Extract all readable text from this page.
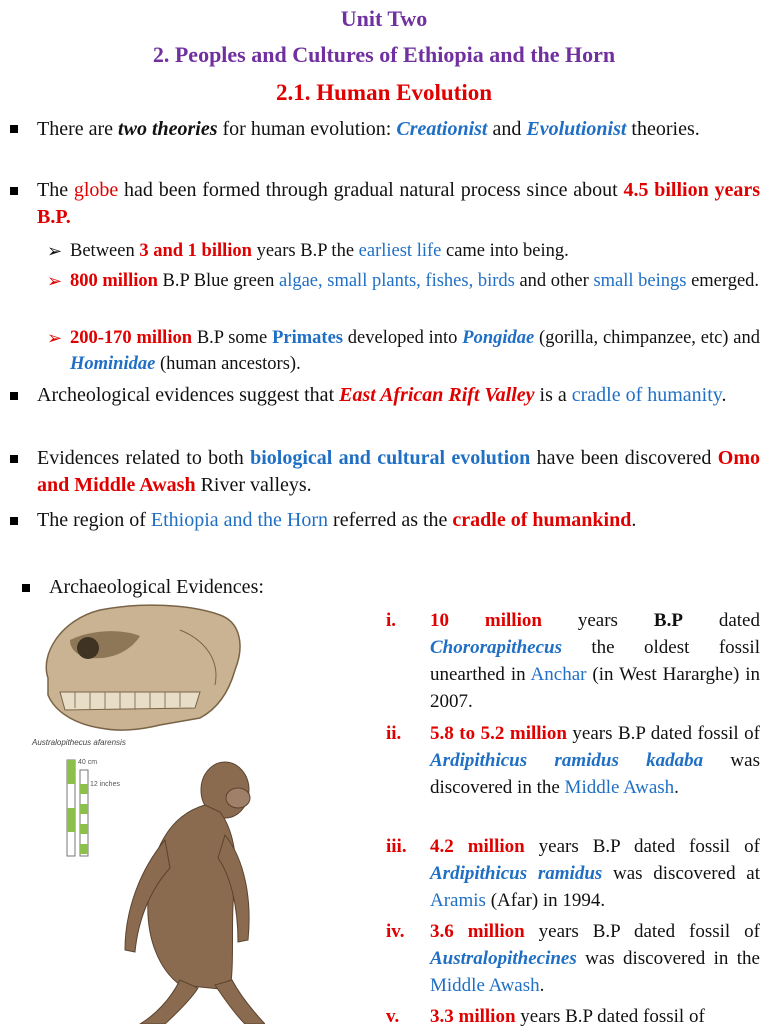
Unit Two
2. Peoples and Cultures of Ethiopia and the Horn
2.1. Human Evolution

There are two theories for human evolution: Creationist and Evolutionist theories.

The globe had been formed through gradual natural process since about 4.5 billion years B.P.

➢ Between 3 and 1 billion years B.P the earliest life came into being.

➢ 800 million B.P Blue green algae, small plants, fishes, birds and other small beings emerged.

➢ 200-170 million B.P some Primates developed into Pongidae (gorilla, chimpanzee, etc) and Hominidae (human ancestors).

Archeological evidences suggest that East African Rift Valley is a cradle of humanity.

Evidences related to both biological and cultural evolution have been discovered Omo and Middle Awash River valleys.

The region of Ethiopia and the Horn referred as the cradle of humankind.

Archaeological Evidences:

Australopithecus afarensis
40 cm
12 inches
i.	10 million years B.P dated Chororapithecus the oldest fossil unearthed in Anchar (in West Hararghe) in 2007.

ii.	5.8 to 5.2 million years B.P dated fossil of Ardipithicus ramidus kadaba was discovered in the Middle Awash.

iii.	4.2 million years B.P dated fossil of Ardipithicus ramidus was discovered at Aramis (Afar) in 1994.

iv.	3.6 million years B.P dated fossil of Australopithecines was discovered in the Middle Awash.

v.	3.3 million years B.P dated fossil of
